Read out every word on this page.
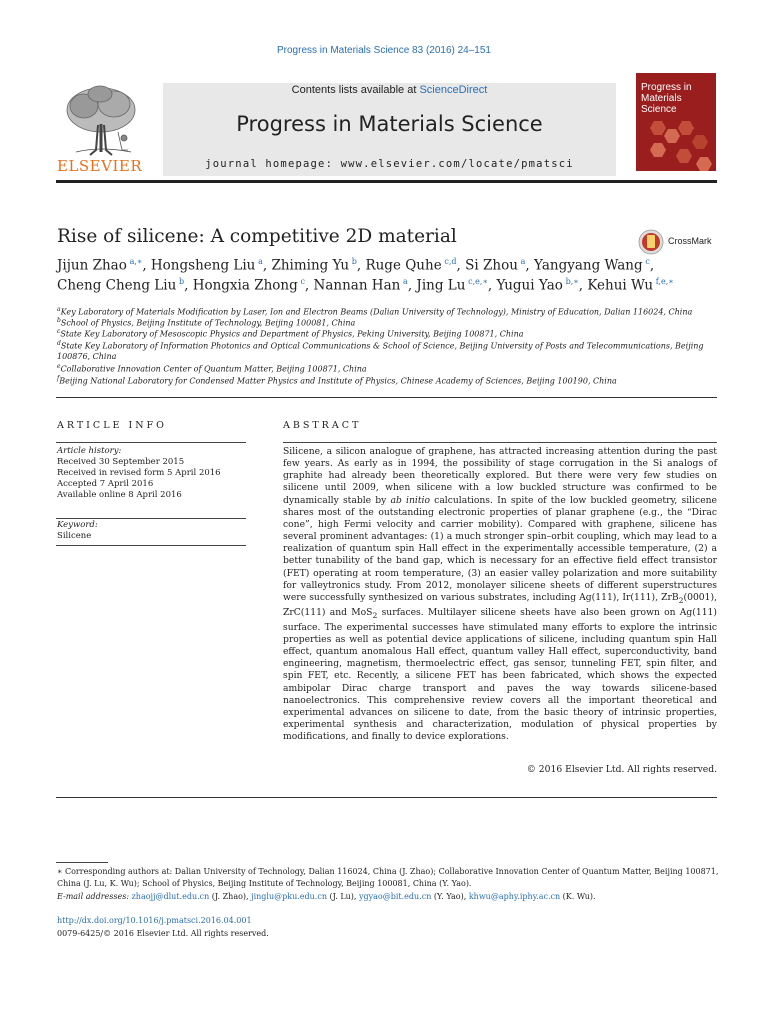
Progress in Materials Science 83 (2016) 24–151
Contents lists available at ScienceDirect
Progress in Materials Science
journal homepage: www.elsevier.com/locate/pmatsci
ELSEVIER
Progress in Materials Science
Rise of silicene: A competitive 2D material	CrossMark
Jijun Zhao  $^{a,∗}$, Hongsheng Liu  $^a$, Zhiming Yu  $^b$, Ruge Quhe  $^{c,d}$, Si Zhou  $^a$, Yangyang Wang  $^c$,
Cheng Cheng Liu  $^b$, Hongxia Zhong  $^c$, Nannan Han  $^a$, Jing Lu  $^{c,e,∗}$, Yugui Yao  $^{b,∗}$, Kehui Wu  $^{f,e,∗}$
$^a$Key Laboratory of Materials Modification by Laser, Ion and Electron Beams (Dalian University of Technology), Ministry of Education, Dalian 116024, China
$^b$School of Physics, Beijing Institute of Technology, Beijing 100081, China
$^c$State Key Laboratory of Mesoscopic Physics and Department of Physics, Peking University, Beijing 100871, China
$^d$State Key Laboratory of Information Photonics and Optical Communications & School of Science, Beijing University of Posts and Telecommunications, Beijing 100876, China
$^e$Collaborative Innovation Center of Quantum Matter, Beijing 100871, China
$^f$Beijing National Laboratory for Condensed Matter Physics and Institute of Physics, Chinese Academy of Sciences, Beijing 100190, China
ARTICLE INFO
Article history:
Received 30 September 2015
Received in revised form 5 April 2016
Accepted 7 April 2016
Available online 8 April 2016
Keyword:
Silicene
ABSTRACT
Silicene, a silicon analogue of graphene, has attracted increasing attention during the past few years. As early as in 1994, the possibility of stage corrugation in the Si analogs of graphite had already been theoretically explored. But there were very few studies on silicene until 2009, when silicene with a low buckled structure was confirmed to be dynamically stable by ab initio calculations. In spite of the low buckled geometry, silicene shares most of the outstanding electronic properties of planar graphene (e.g., the “Dirac cone”, high Fermi velocity and carrier mobility). Compared with graphene, silicene has several prominent advantages: (1) a much stronger spin–orbit coupling, which may lead to a realization of quantum spin Hall effect in the experimentally accessible temperature, (2) a better tunability of the band gap, which is necessary for an effective field effect transistor (FET) operating at room temperature, (3) an easier valley polarization and more suitability for valleytronics study. From 2012, monolayer silicene sheets of different superstructures were successfully synthesized on various substrates, including Ag(111), Ir(111), ZrB$_2$(0001), ZrC(111) and MoS$_2$ surfaces. Multilayer silicene sheets have also been grown on Ag(111) surface. The experimental successes have stimulated many efforts to explore the intrinsic properties as well as potential device applications of silicene, including quantum spin Hall effect, quantum anomalous Hall effect, quantum valley Hall effect, superconductivity, band engineering, magnetism, thermoelectric effect, gas sensor, tunneling FET, spin filter, and spin FET, etc. Recently, a silicene FET has been fabricated, which shows the expected ambipolar Dirac charge transport and paves the way towards silicene-based nanoelectronics. This comprehensive review covers all the important theoretical and experimental advances on silicene to date, from the basic theory of intrinsic properties, experimental synthesis and characterization, modulation of physical properties by modifications, and finally to device explorations.
© 2016 Elsevier Ltd. All rights reserved.
∗ Corresponding authors at: Dalian University of Technology, Dalian 116024, China (J. Zhao); Collaborative Innovation Center of Quantum Matter, Beijing 100871, China (J. Lu, K. Wu); School of Physics, Beijing Institute of Technology, Beijing 100081, China (Y. Yao).
E-mail addresses: zhaojj@dlut.edu.cn (J. Zhao), jinglu@pku.edu.cn (J. Lu), ygyao@bit.edu.cn (Y. Yao), khwu@aphy.iphy.ac.cn (K. Wu).
http://dx.doi.org/10.1016/j.pmatsci.2016.04.001
0079-6425/© 2016 Elsevier Ltd. All rights reserved.
